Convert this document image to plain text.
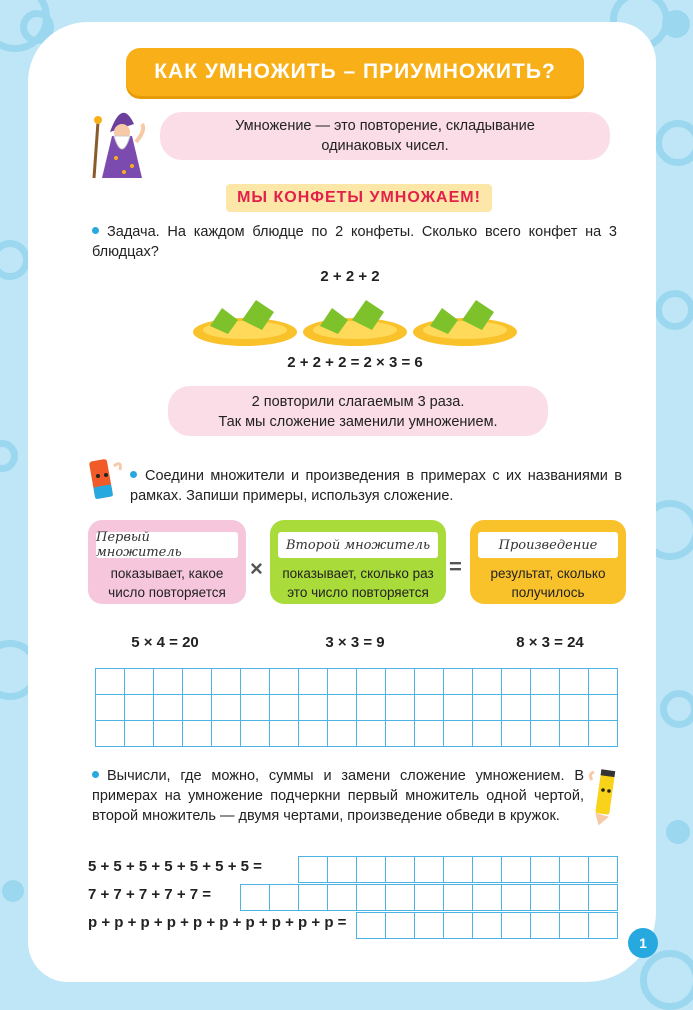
КАК УМНОЖИТЬ – ПРИУМНОЖИТЬ?
Умножение — это повторение, складывание одинаковых чисел.
МЫ КОНФЕТЫ УМНОЖАЕМ!
Задача. На каждом блюдце по 2 конфеты. Сколько всего конфет на 3 блюдцах?
2 + 2 + 2
2 + 2 + 2 = 2 × 3 = 6
2 повторили слагаемым 3 раза.
Так мы сложение заменили умножением.
Соедини множители и произведения в примерах с их названиями в рамках. Запиши примеры, используя сложение.
Первый множитель
показывает, какое число повторяется
×
Второй множитель
показывает, сколько раз это число повторяется
=
Произведение
результат, сколько получилось
5 × 4 = 20	3 × 3 = 9	8 × 3 = 24

Вычисли, где можно, суммы и замени сложение умножением. В примерах на умножение подчеркни первый множитель одной чертой, второй множитель — двумя чертами, произведение обведи в кружок.
5 + 5 + 5 + 5 + 5 + 5 + 5 =

7 + 7 + 7 + 7 + 7 =

р + р + р + р + р + р + р + р + р + р =

1
